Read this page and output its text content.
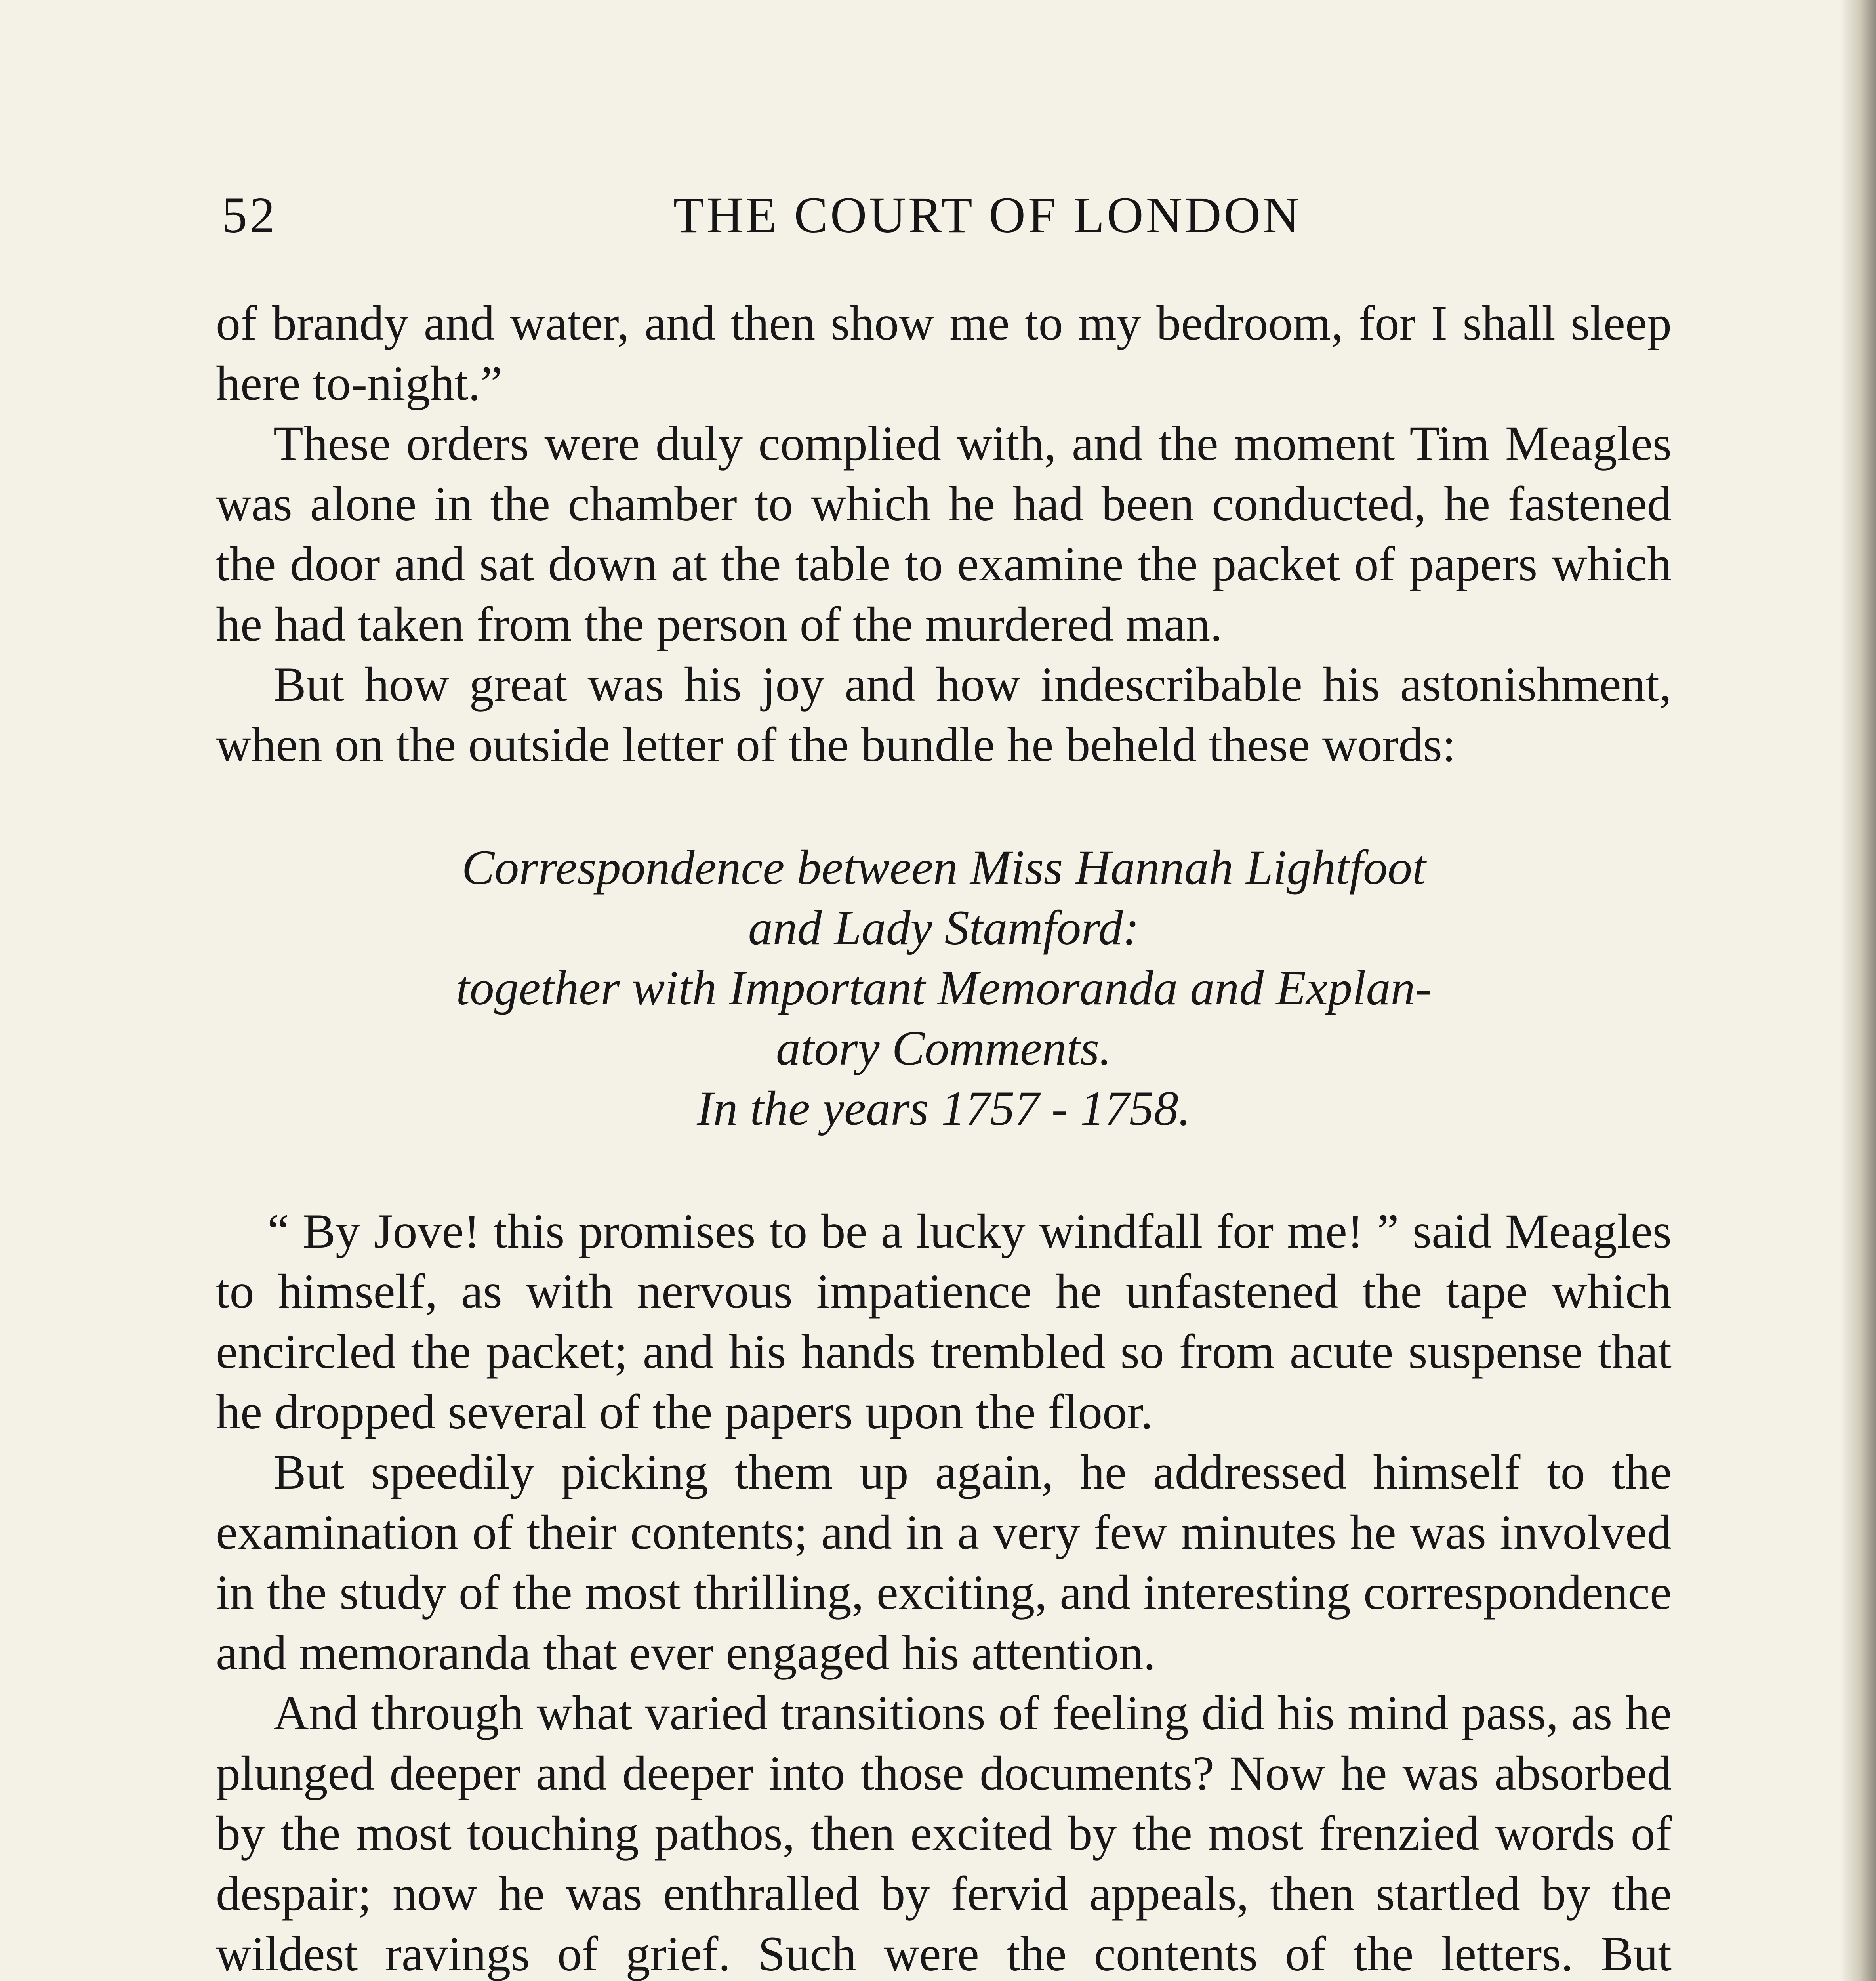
52	THE COURT OF LONDON

of brandy and water, and then show me to my bedroom, for I shall sleep here to-night.”

These orders were duly complied with, and the moment Tim Meagles was alone in the chamber to which he had been conducted, he fastened the door and sat down at the table to examine the packet of papers which he had taken from the person of the murdered man.

But how great was his joy and how indescribable his astonishment, when on the outside letter of the bundle he beheld these words:

Correspondence between Miss Hannah Lightfoot
and Lady Stamford:
together with Important Memoranda and Explan-
atory Comments.
In the years 1757 - 1758.

“ By Jove! this promises to be a lucky windfall for me! ” said Meagles to himself, as with nervous impatience he unfastened the tape which encircled the packet; and his hands trembled so from acute suspense that he dropped several of the papers upon the floor.

But speedily picking them up again, he addressed himself to the examination of their contents; and in a very few minutes he was involved in the study of the most thrilling, exciting, and interesting correspondence and memoranda that ever engaged his attention.

And through what varied transitions of feeling did his mind pass, as he plunged deeper and deeper into those documents? Now he was absorbed by the most touching pathos, then excited by the most frenzied words of despair; now he was enthralled by fervid appeals, then startled by the wildest ravings of grief. Such were the contents of the letters. But
